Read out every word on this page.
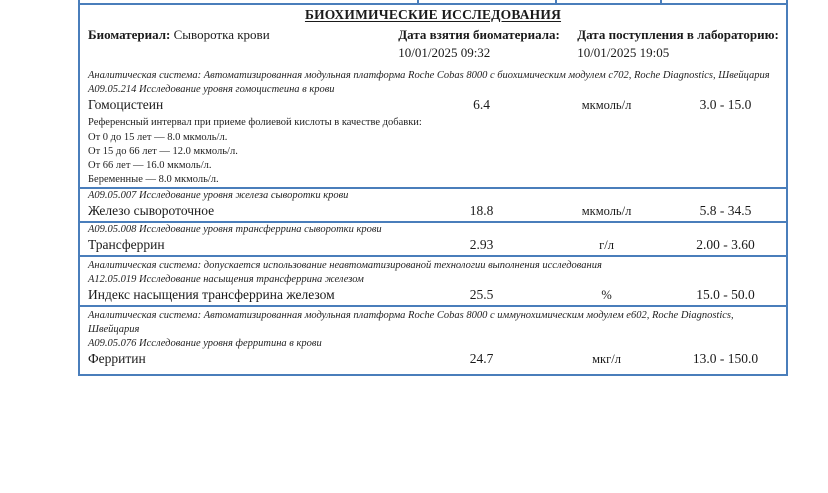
БИОХИМИЧЕСКИЕ ИССЛЕДОВАНИЯ
Биоматериал: Сыворотка крови	Дата взятия биоматериала:
10/01/2025 09:32
Дата поступления в лабораторию:
10/01/2025 19:05
Аналитическая система: Автоматизированная модульная платформа Roche Cobas 8000 с биохимическим модулем c702, Roche Diagnostics, Швейцария
A09.05.214 Исследование уровня гомоцистеина в крови
Гомоцистеин	6.4	мкмоль/л	3.0 - 15.0
Референсный интервал при приеме фолиевой кислоты в качестве добавки:
От 0 до 15 лет — 8.0 мкмоль/л.
От 15 до 66 лет — 12.0 мкмоль/л.
От 66 лет — 16.0 мкмоль/л.
Беременные — 8.0 мкмоль/л.
A09.05.007 Исследование уровня железа сыворотки крови
Железо сывороточное	18.8	мкмоль/л	5.8 - 34.5
A09.05.008 Исследование уровня трансферрина сыворотки крови
Трансферрин	2.93	г/л	2.00 - 3.60
Аналитическая система: допускается использование неавтоматизированой технологии выполнения исследования
A12.05.019 Исследование насыщения трансферрина железом
Индекс насыщения трансферрина железом	25.5	%	15.0 - 50.0
Аналитическая система: Автоматизированная модульная платформа Roche Cobas 8000 с иммунохимическим модулем e602, Roche Diagnostics, Швейцария
A09.05.076 Исследование уровня ферритина в крови
Ферритин	24.7	мкг/л	13.0 - 150.0
